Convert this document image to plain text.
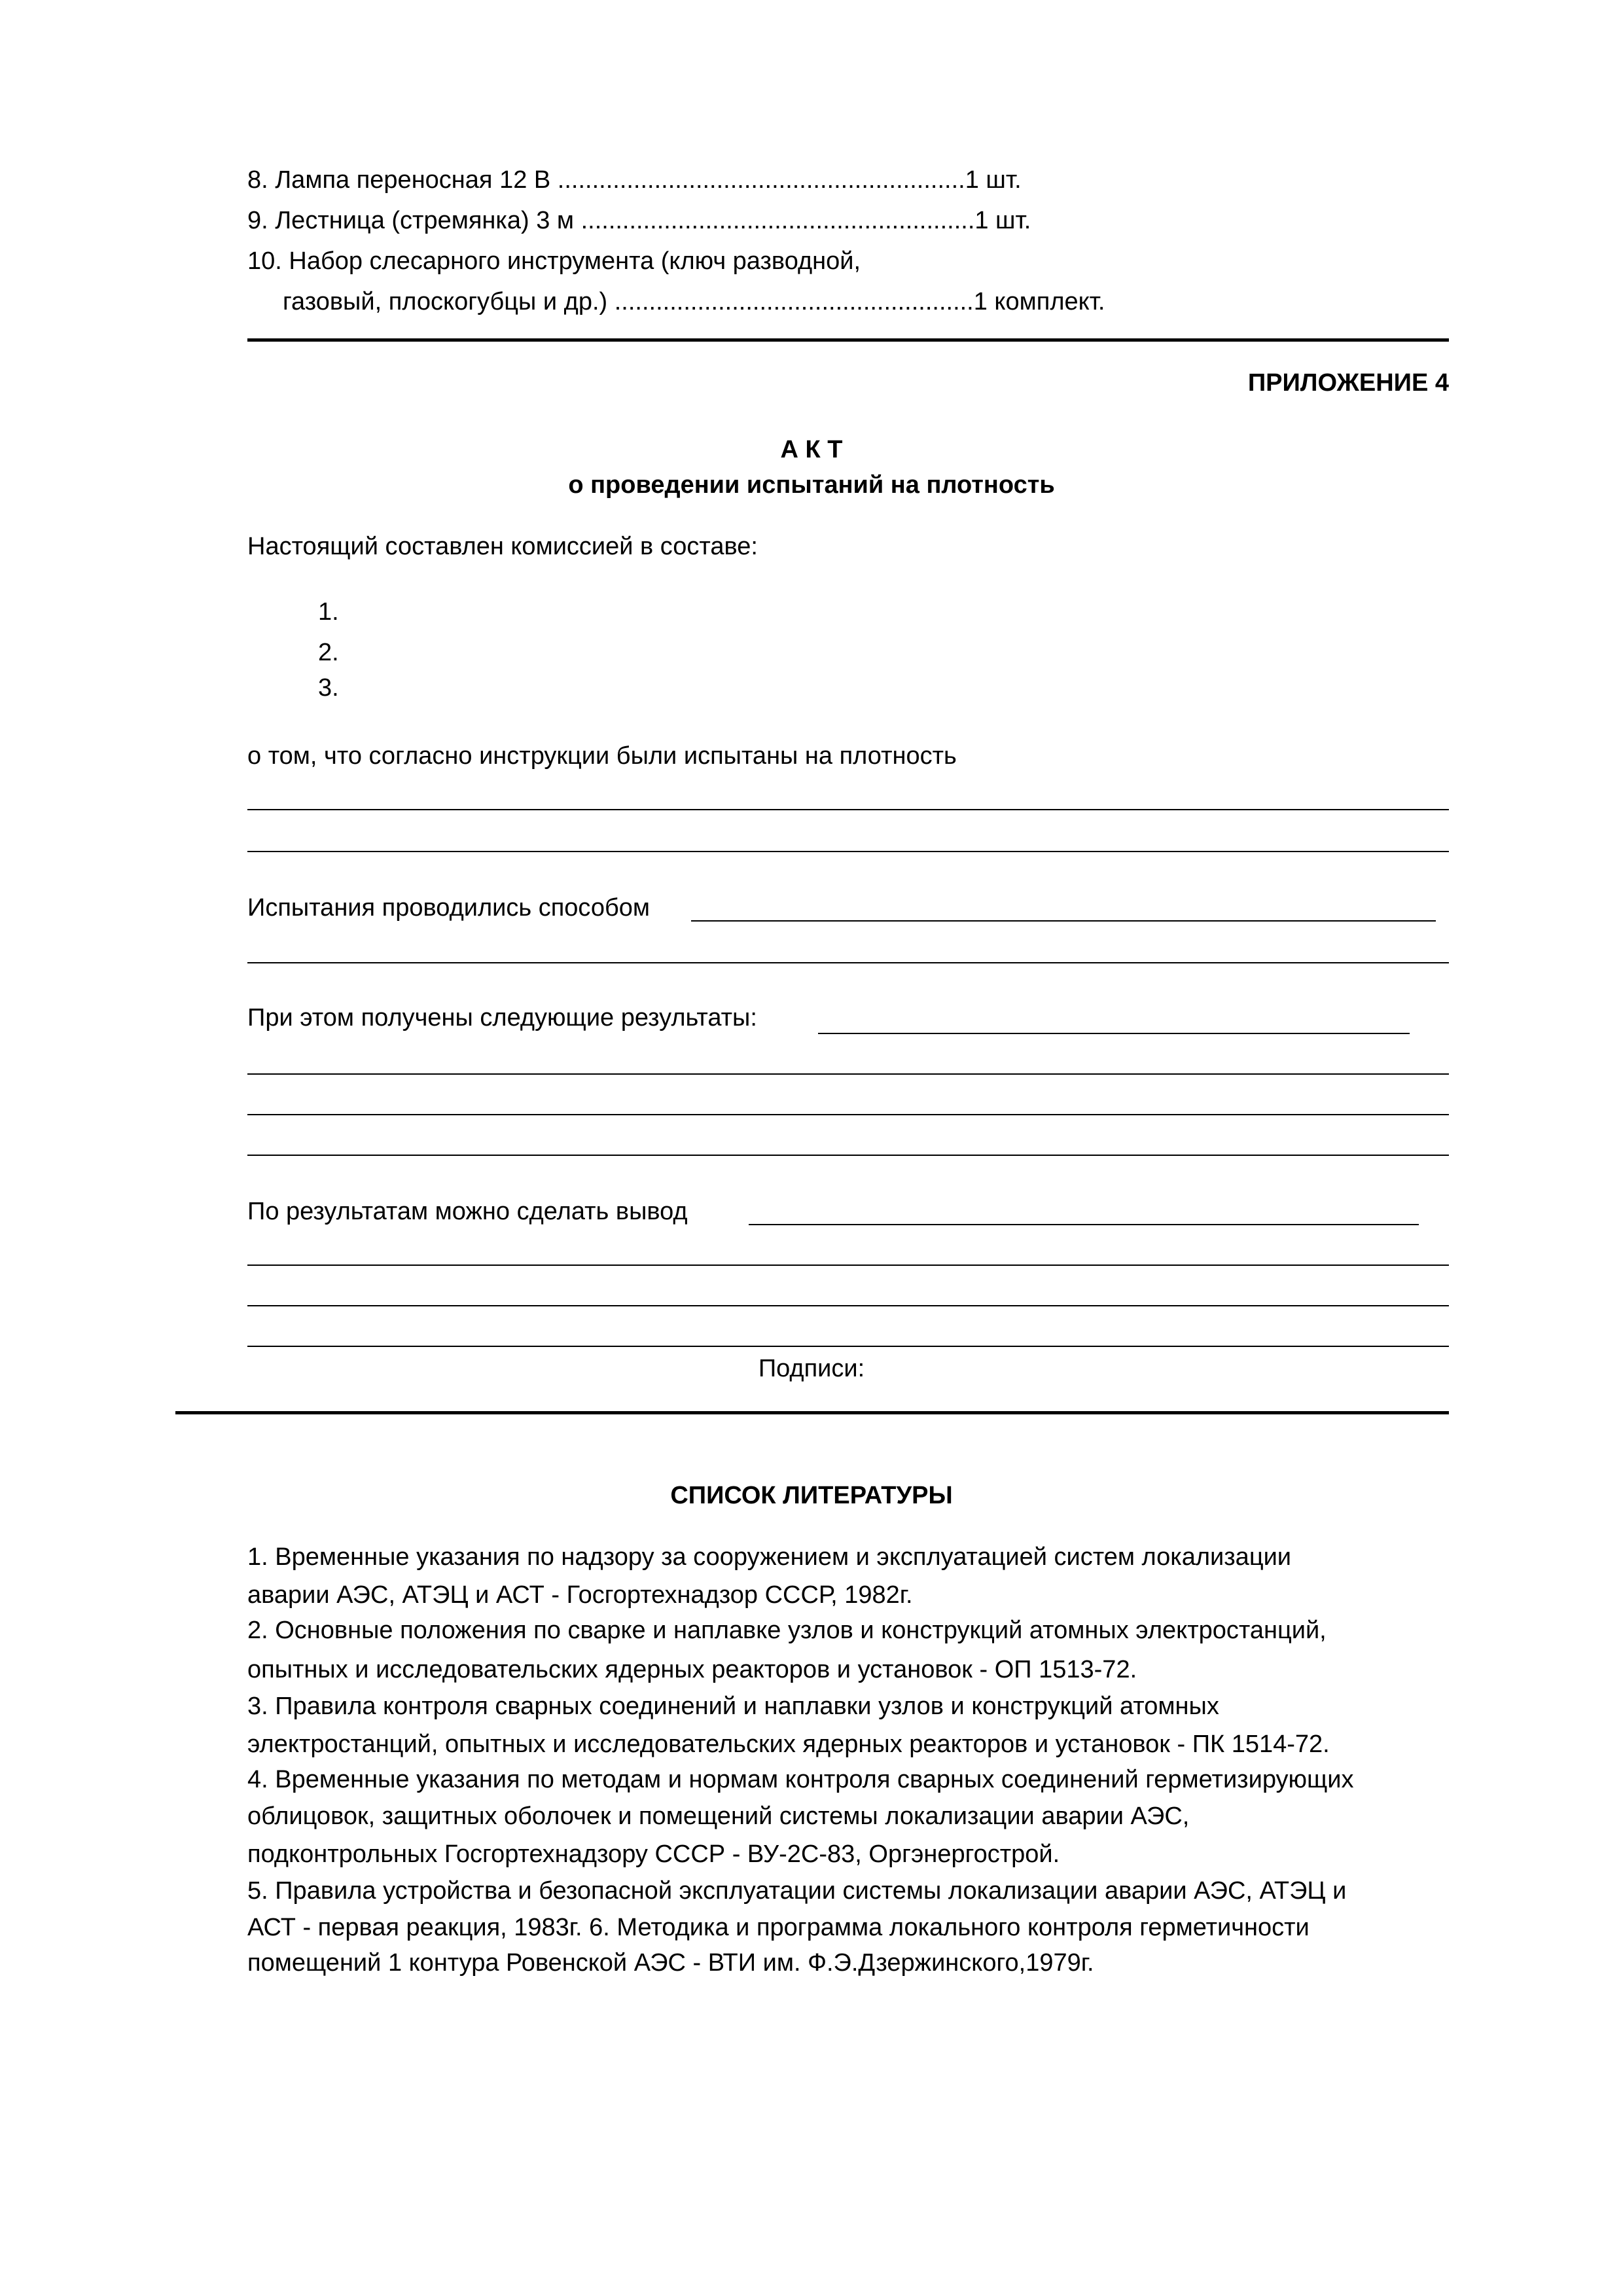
8. Лампа переносная 12 В ...........................................................1 шт.
9. Лестница (стремянка) 3 м .........................................................1 шт.
10. Набор слесарного инструмента (ключ разводной,
газовый, плоскогубцы и др.) ....................................................1 комплект.
ПРИЛОЖЕНИЕ 4
А К Т
о проведении испытаний на плотность
Настоящий составлен комиссией в составе:
1.
2.
3.
о том, что согласно инструкции были испытаны на плотность
Испытания проводились способом
При этом получены следующие результаты:
По результатам можно сделать вывод
Подписи:
СПИСОК ЛИТЕРАТУРЫ
1. Временные указания по надзору за сооружением и эксплуатацией систем локализации
аварии АЭС, АТЭЦ и АСТ - Госгортехнадзор СССР, 1982г.
2. Основные положения по сварке и наплавке узлов и конструкций атомных электростанций,
опытных и исследовательских ядерных реакторов и установок - ОП 1513-72.
3. Правила контроля сварных соединений и наплавки узлов и конструкций атомных
электростанций, опытных и исследовательских ядерных реакторов и установок - ПК 1514-72.
4. Временные указания по методам и нормам контроля сварных соединений герметизирующих
облицовок, защитных оболочек и помещений системы локализации аварии АЭС,
подконтрольных Госгортехнадзору СССР - ВУ-2С-83, Оргэнергострой.
5. Правила устройства и безопасной эксплуатации системы локализации аварии АЭС, АТЭЦ и
АСТ - первая реакция, 1983г. 6. Методика и программа локального контроля герметичности
помещений 1 контура Ровенской АЭС - ВТИ им. Ф.Э.Дзержинского,1979г.
